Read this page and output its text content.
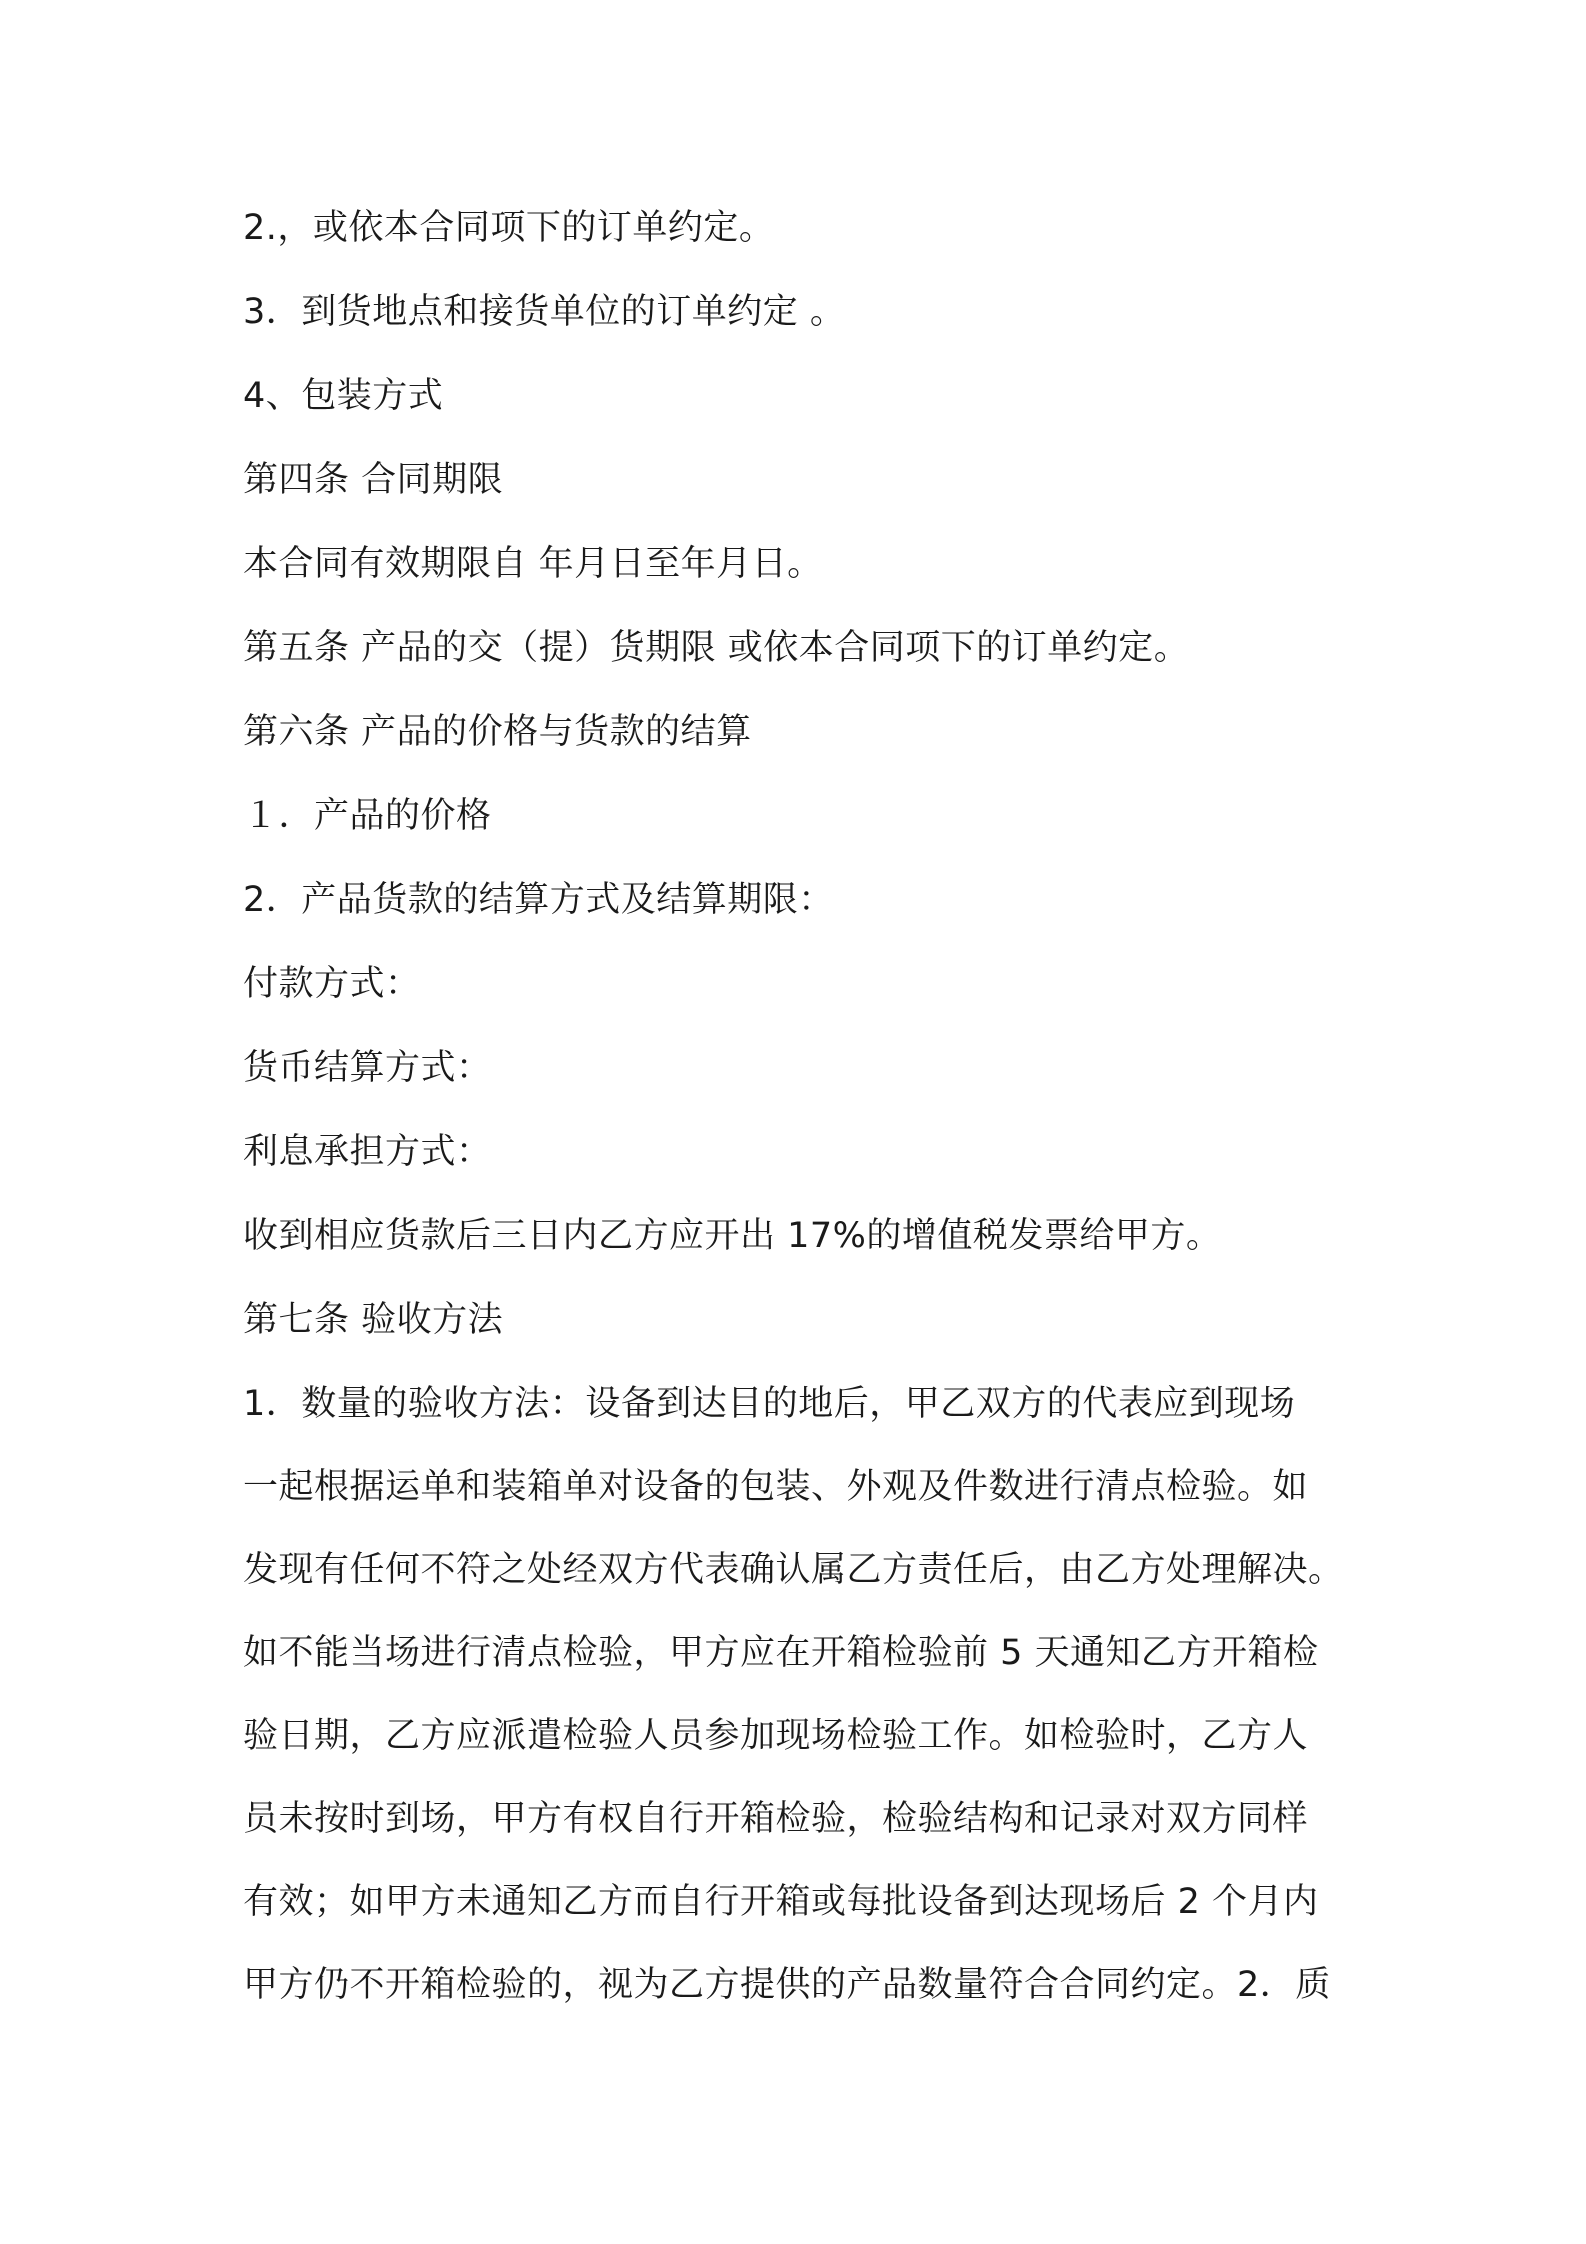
2.，或依本合同项下的订单约定。
3．到货地点和接货单位的订单约定 。
4、包装方式
第四条 合同期限
本合同有效期限自 年月日至年月日。
第五条 产品的交（提）货期限 或依本合同项下的订单约定。
第六条 产品的价格与货款的结算
１．产品的价格
2．产品货款的结算方式及结算期限：
付款方式：
货币结算方式：
利息承担方式：
收到相应货款后三日内乙方应开出 17%的增值税发票给甲方。
第七条 验收方法
1．数量的验收方法：设备到达目的地后，甲乙双方的代表应到现场
一起根据运单和装箱单对设备的包装、外观及件数进行清点检验。如
发现有任何不符之处经双方代表确认属乙方责任后，由乙方处理解决。
如不能当场进行清点检验，甲方应在开箱检验前 5 天通知乙方开箱检
验日期，乙方应派遣检验人员参加现场检验工作。如检验时，乙方人
员未按时到场，甲方有权自行开箱检验，检验结构和记录对双方同样
有效；如甲方未通知乙方而自行开箱或每批设备到达现场后 2 个月内
甲方仍不开箱检验的，视为乙方提供的产品数量符合合同约定。2．质
